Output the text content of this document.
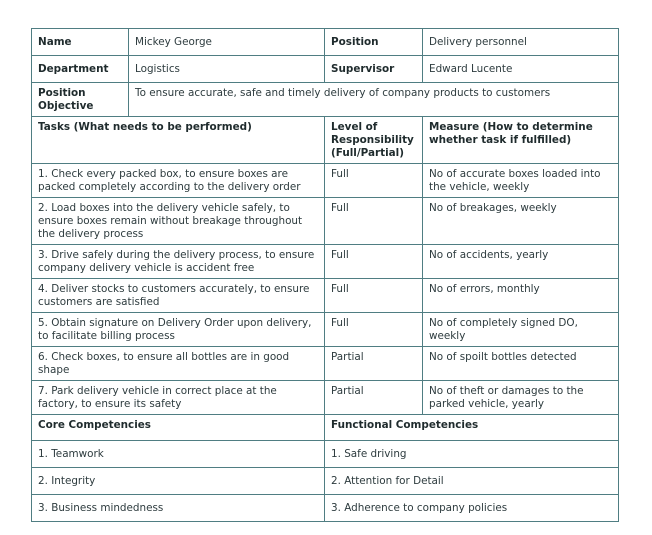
Name	Mickey George	Position	Delivery personnel
Department	Logistics	Supervisor	Edward Lucente
Position Objective	To ensure accurate, safe and timely delivery of company products to customers		
Tasks (What needs to be performed)		Level of Responsibility (Full/Partial)	Measure (How to determine whether task if fulfilled)
1. Check every packed box, to ensure boxes are packed completely according to the delivery order		Full	No of accurate boxes loaded into the vehicle, weekly
2. Load boxes into the delivery vehicle safely, to ensure boxes remain without breakage throughout the delivery process		Full	No of breakages, weekly
3. Drive safely during the delivery process, to ensure company delivery vehicle is accident free		Full	No of accidents, yearly
4. Deliver stocks to customers accurately, to ensure customers are satisfied		Full	No of errors, monthly
5. Obtain signature on Delivery Order upon delivery, to facilitate billing process		Full	No of completely signed DO, weekly
6. Check boxes, to ensure all bottles are in good shape		Partial	No of spoilt bottles detected
7. Park delivery vehicle in correct place at the factory, to ensure its safety		Partial	No of theft or damages to the parked vehicle, yearly
Core Competencies		Functional Competencies	
1. Teamwork		1. Safe driving	
2. Integrity		2. Attention for Detail	
3. Business mindedness		3. Adherence to company policies	
